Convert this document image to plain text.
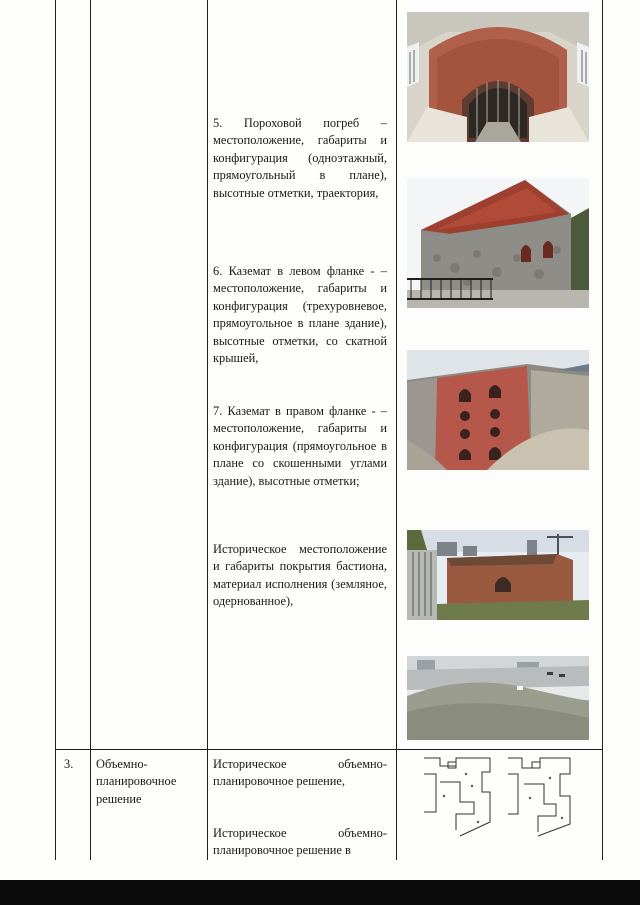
5. Пороховой погреб – местоположение, габариты и конфигурация (одноэтажный, прямоугольный в плане), высотные отметки, траектория,

6. Каземат в левом фланке - – местоположение, габариты и конфигурация (трехуровневое, прямоугольное в плане здание), высотные отметки, со скатной крышей,

7. Каземат в правом фланке - – местоположение, габариты и конфигурация (прямоугольное в плане со скошенными углами здание), высотные отметки;

Историческое местоположение и габариты покрытия бастиона, материал исполнения (земляное, одернованное),

3. Объемно-планировочное решение

Историческое объемно-планировочное решение,

Историческое объемно-планировочное решение в
